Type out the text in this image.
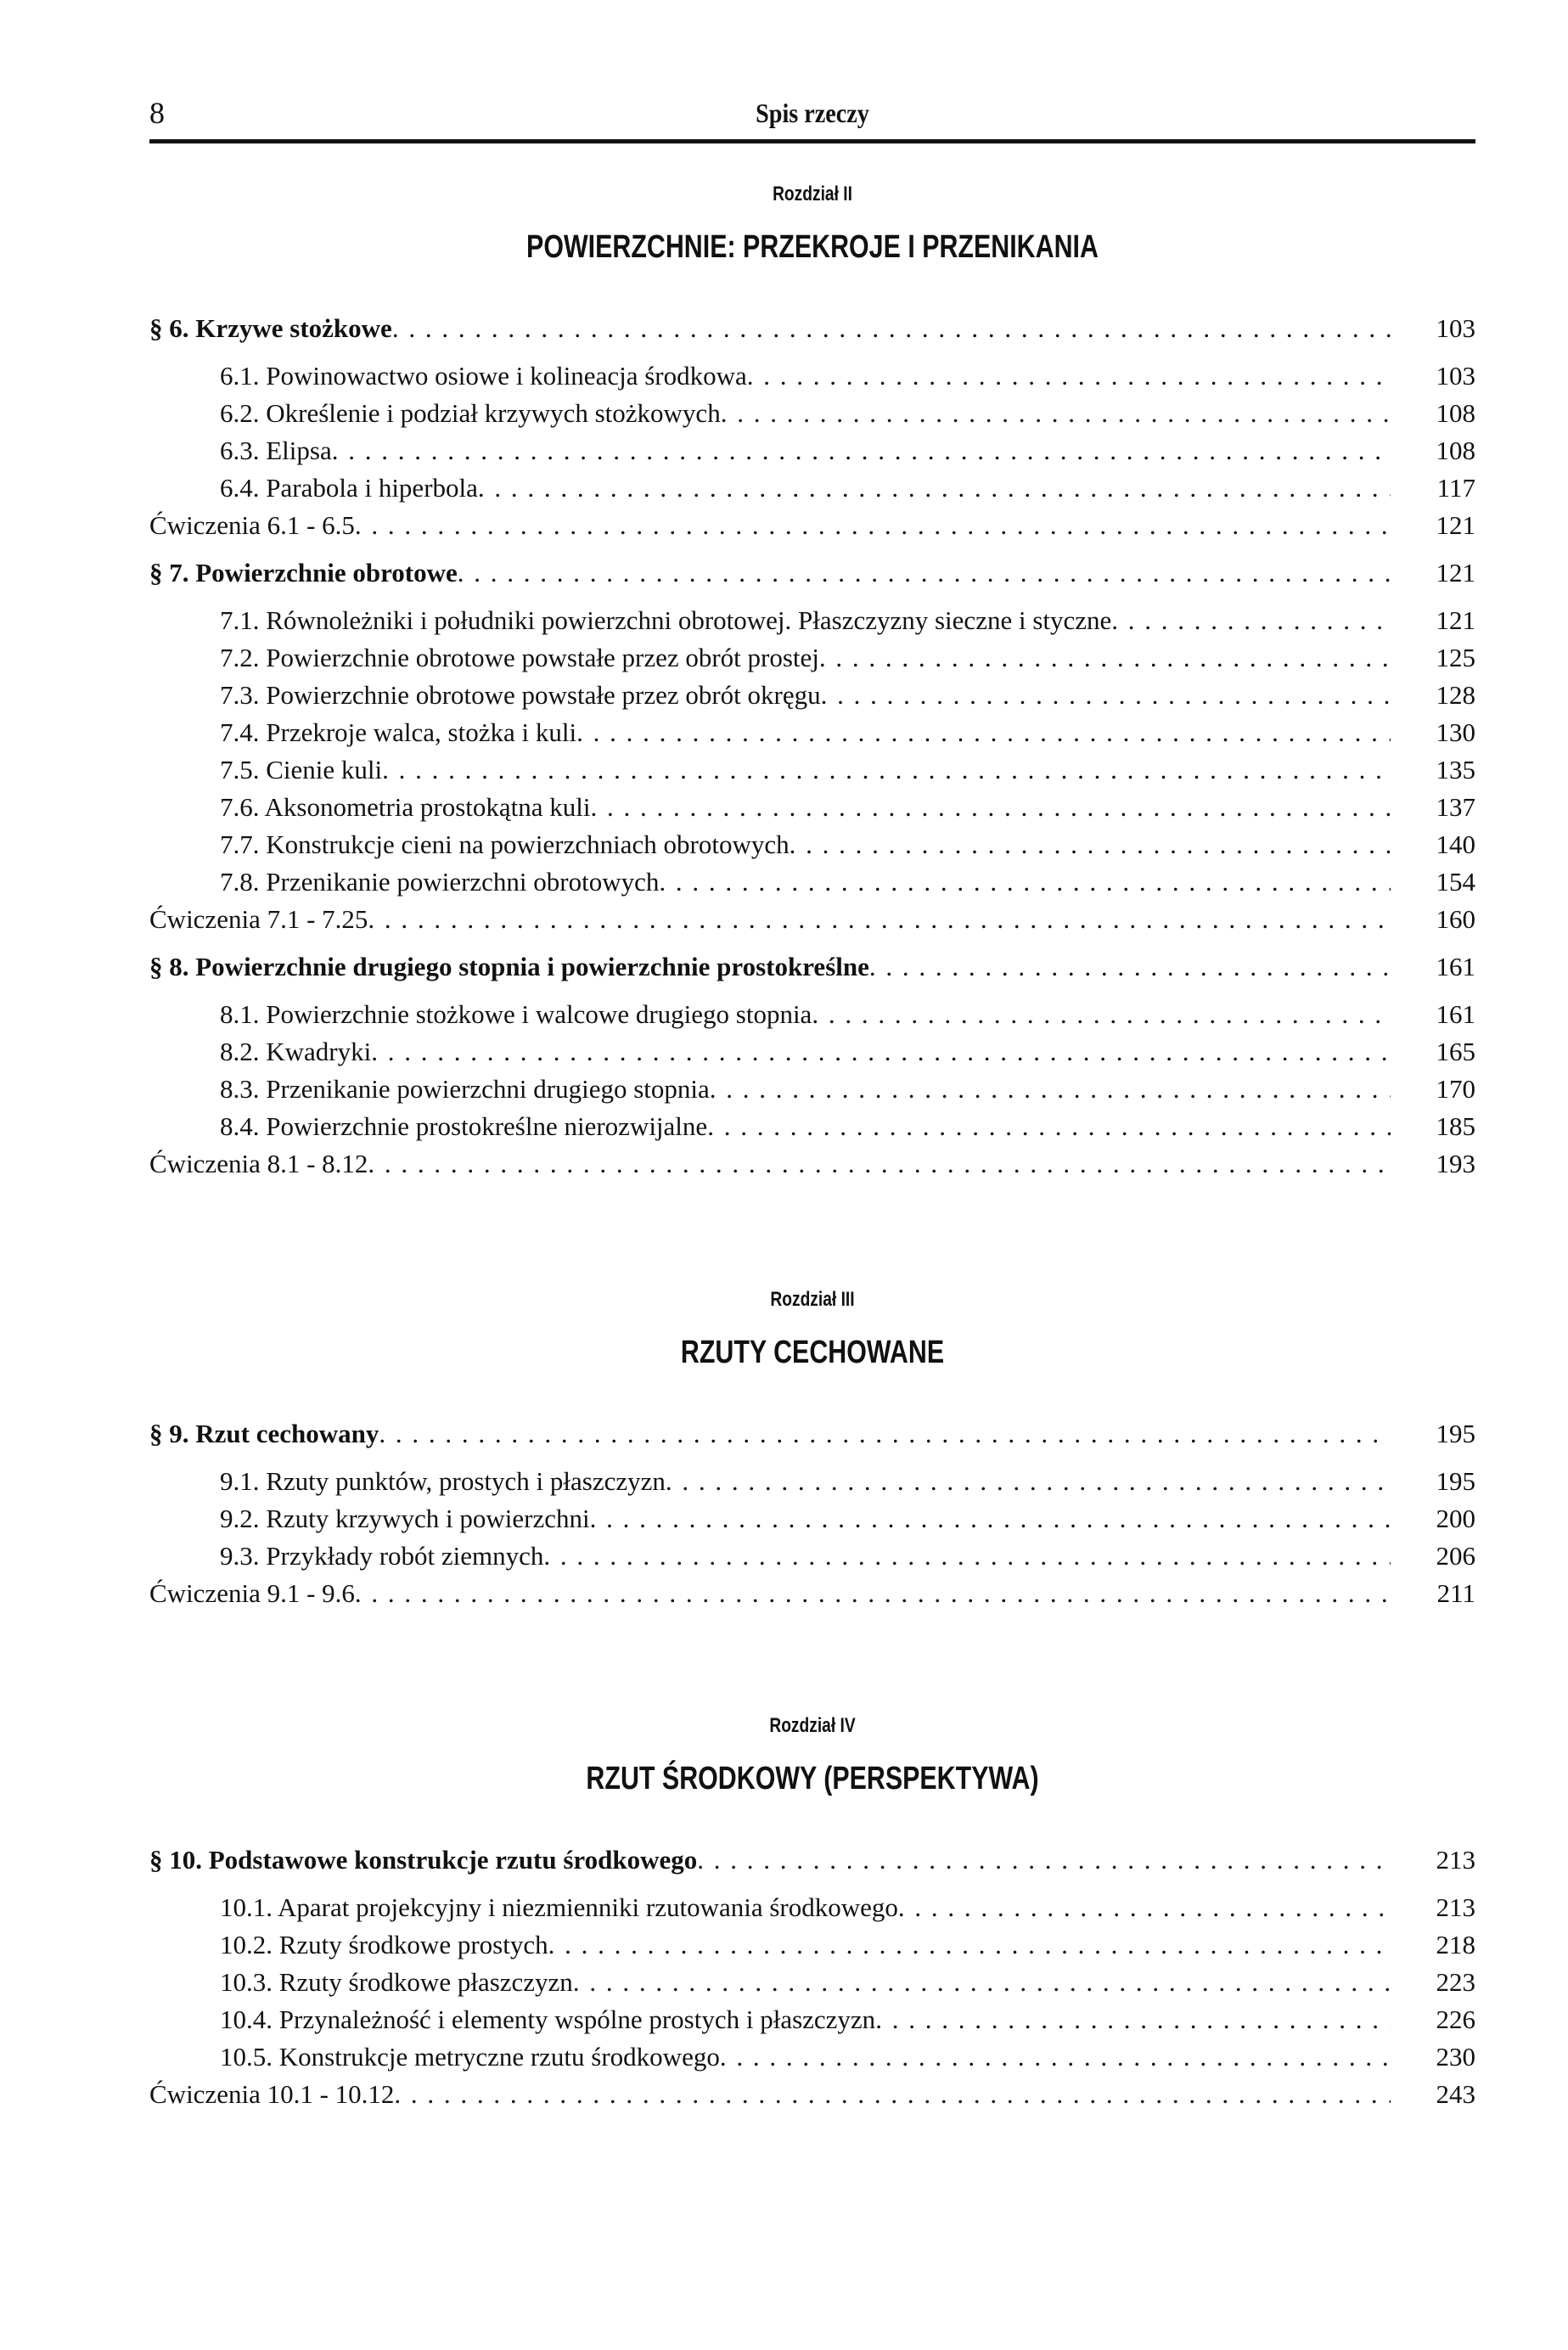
8	Spis rzeczy
Rozdział II
POWIERZCHNIE: PRZEKROJE I PRZENIKANIA
§ 6. Krzywe stożkowe . . .	103
6.1. Powinowactwo osiowe i kolineacja środkowa . . .	103
6.2. Określenie i podział krzywych stożkowych . . .	108
6.3. Elipsa . . .	108
6.4. Parabola i hiperbola . . .	117
Ćwiczenia 6.1 - 6.5 . . .	121
§ 7. Powierzchnie obrotowe . . .	121
7.1. Równoleżniki i południki powierzchni obrotowej. Płaszczyzny sieczne i styczne . . .	121
7.2. Powierzchnie obrotowe powstałe przez obrót prostej . . .	125
7.3. Powierzchnie obrotowe powstałe przez obrót okręgu . . .	128
7.4. Przekroje walca, stożka i kuli . . .	130
7.5. Cienie kuli . . .	135
7.6. Aksonometria prostokątna kuli . . .	137
7.7. Konstrukcje cieni na powierzchniach obrotowych . . .	140
7.8. Przenikanie powierzchni obrotowych . . .	154
Ćwiczenia 7.1 - 7.25 . . .	160
§ 8. Powierzchnie drugiego stopnia i powierzchnie prostokreślne . . .	161
8.1. Powierzchnie stożkowe i walcowe drugiego stopnia . . .	161
8.2. Kwadryki . . .	165
8.3. Przenikanie powierzchni drugiego stopnia . . .	170
8.4. Powierzchnie prostokreślne nierozwijalne . . .	185
Ćwiczenia 8.1 - 8.12 . . .	193
Rozdział III
RZUTY CECHOWANE
§ 9. Rzut cechowany . . .	195
9.1. Rzuty punktów, prostych i płaszczyzn . . .	195
9.2. Rzuty krzywych i powierzchni . . .	200
9.3. Przykłady robót ziemnych . . .	206
Ćwiczenia 9.1 - 9.6 . . .	211
Rozdział IV
RZUT ŚRODKOWY (PERSPEKTYWA)
§ 10. Podstawowe konstrukcje rzutu środkowego . . .	213
10.1. Aparat projekcyjny i niezmienniki rzutowania środkowego . . .	213
10.2. Rzuty środkowe prostych . . .	218
10.3. Rzuty środkowe płaszczyzn . . .	223
10.4. Przynależność i elementy wspólne prostych i płaszczyzn . . .	226
10.5. Konstrukcje metryczne rzutu środkowego . . .	230
Ćwiczenia 10.1 - 10.12 . . .	243
